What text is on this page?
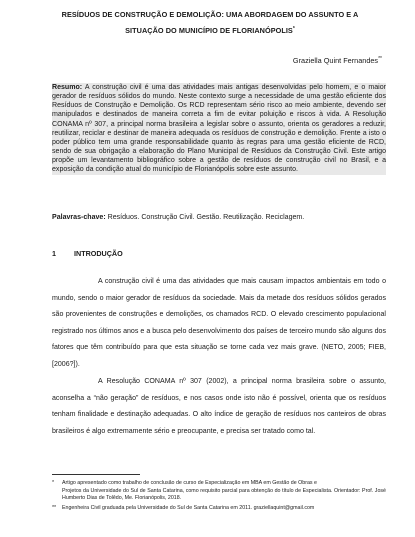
RESÍDUOS DE CONSTRUÇÃO E DEMOLIÇÃO: UMA ABORDAGEM DO ASSUNTO E A
SITUAÇÃO DO MUNICÍPIO DE FLORIANÓPOLIS*
Graziella Quint Fernandes**
Resumo: A construção civil é uma das atividades mais antigas desenvolvidas pelo homem, e o maior gerador de resíduos sólidos do mundo. Neste contexto surge a necessidade de uma gestão eficiente dos Resíduos de Construção e Demolição. Os RCD representam sério risco ao meio ambiente, devendo ser manipulados e destinados de maneira correta a fim de evitar poluição e riscos à vida. A Resolução CONAMA nº 307, a principal norma brasileira a legislar sobre o assunto, orienta os geradores a reduzir, reutilizar, reciclar e destinar de maneira adequada os resíduos de construção e demolição. Frente a isto o poder público tem uma grande responsabilidade quanto às regras para uma gestão eficiente de RCD, sendo de sua obrigação a elaboração do Plano Municipal de Resíduos da Construção Civil. Este artigo propõe um levantamento bibliográfico sobre a gestão de resíduos de construção civil no Brasil, e a exposição da condição atual do município de Florianópolis sobre este assunto.
Palavras-chave: Resíduos. Construção Civil. Gestão. Reutilização. Reciclagem.
1	INTRODUÇÃO
A construção civil é uma das atividades que mais causam impactos ambientais em todo o mundo, sendo o maior gerador de resíduos da sociedade. Mais da metade dos resíduos sólidos gerados são provenientes de construções e demolições, os chamados RCD. O elevado crescimento populacional registrado nos últimos anos e a busca pelo desenvolvimento dos países de terceiro mundo são alguns dos fatores que têm contribuído para que esta situação se torne cada vez mais grave. (NETO, 2005; FIEB, [2006?]).
A Resolução CONAMA nº 307 (2002), a principal norma brasileira sobre o assunto, aconselha a “não geração” de resíduos, e nos casos onde isto não é possível, orienta que os resíduos tenham finalidade e destinação adequadas. O alto índice de geração de resíduos nos canteiros de obras brasileiros é algo extremamente sério e preocupante, e precisa ser tratado como tal.
* Artigo apresentado como trabalho de conclusão de curso de Especialização em MBA em Gestão de Obras e
Projetos da Universidade do Sul de Santa Catarina, como requisito parcial para obtenção do título de Especialista. Orientador: Prof. José Humberto Dias de Tolêdo, Me. Florianópolis, 2018.
** Engenheira Civil graduada pela Universidade do Sul de Santa Catarina em 2011. graziellaquint@gmail.com
